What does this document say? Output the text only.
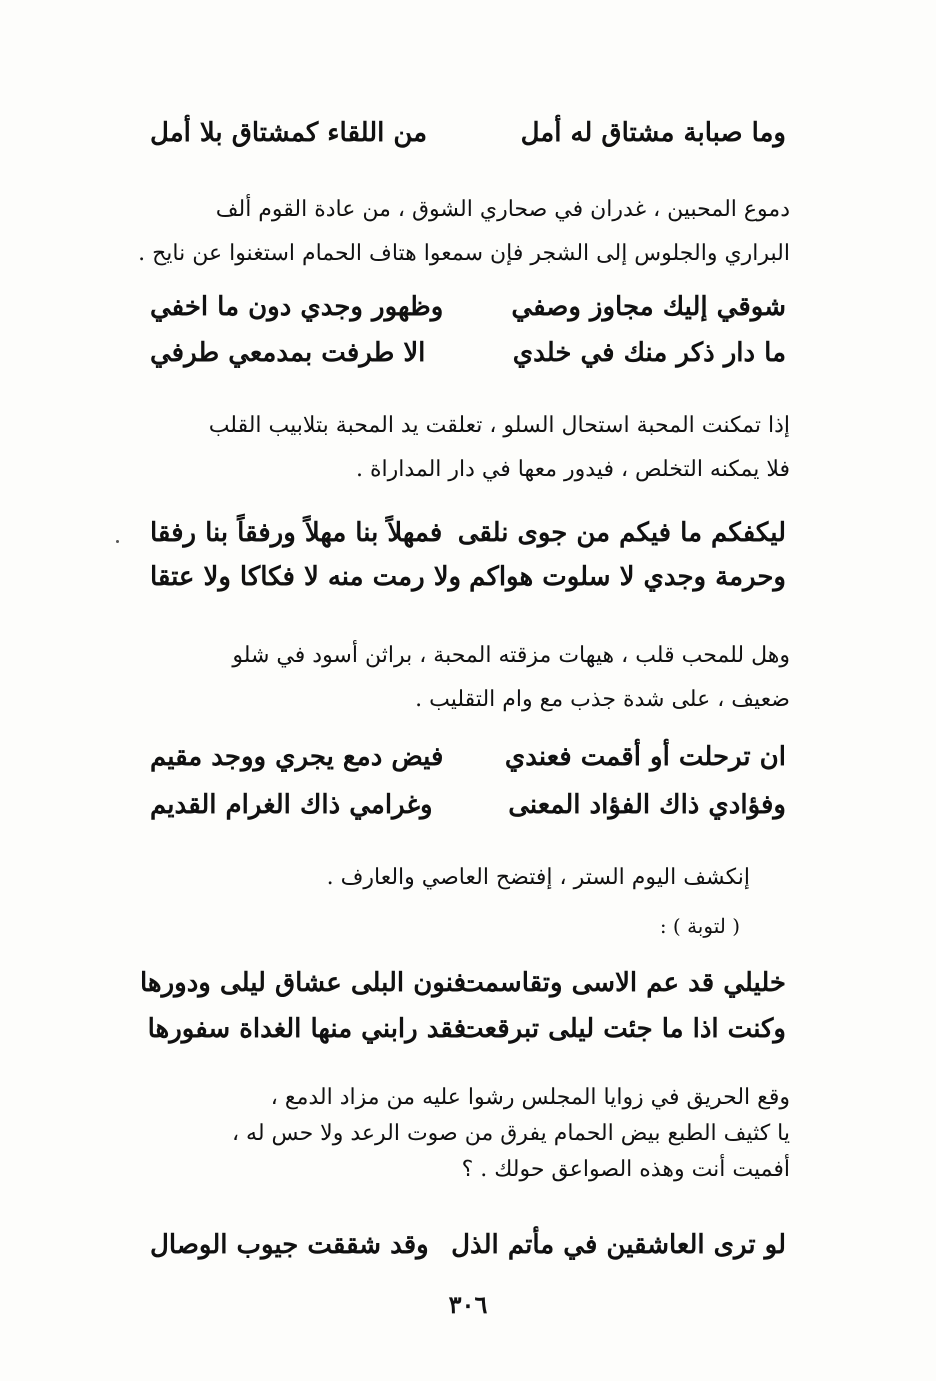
وما صبابة مشتاق له أمل
من اللقاء كمشتاق بلا أمل
دموع المحبين ، غدران في صحاري الشوق ، من عادة القوم ألف
البراري والجلوس إلى الشجر فإن سمعوا هتاف الحمام استغنوا عن نايح .
شوقي إليك مجاوز وصفي
وظهور وجدي دون ما اخفي
ما دار ذكر منك في خلدي
الا طرفت بمدمعي طرفي
إذا تمكنت المحبة استحال السلو ، تعلقت يد المحبة بتلابيب القلب
فلا يمكنه التخلص ، فيدور معها في دار المداراة .
ليكفكم ما فيكم من جوى نلقى
فمهلاً بنا مهلاً ورفقاً بنا رفقا
وحرمة وجدي لا سلوت هواكم
ولا رمت منه لا فكاكا ولا عتقا
وهل للمحب قلب ، هيهات مزقته المحبة ، براثن أسود في شلو
ضعيف ، على شدة جذب مع وام التقليب .
ان ترحلت أو أقمت فعندي
فيض دمع يجري ووجد مقيم
وفؤادي ذاك الفؤاد المعنى
وغرامي ذاك الغرام القديم
إنكشف اليوم الستر ، إفتضح العاصي والعارف .
( لتوبة ) :
خليلي قد عم الاسى وتقاسمت
فنون البلى عشاق ليلى ودورها
وكنت اذا ما جئت ليلى تبرقعت
فقد رابني منها الغداة سفورها
وقع الحريق في زوايا المجلس رشوا عليه من مزاد الدمع ،
يا كثيف الطبع بيض الحمام يفرق من صوت الرعد ولا حس له ،
أفميت أنت وهذه الصواعق حولك . ؟
لو ترى العاشقين في مأتم الذل
وقد شققت جيوب الوصال
٣٠٦
